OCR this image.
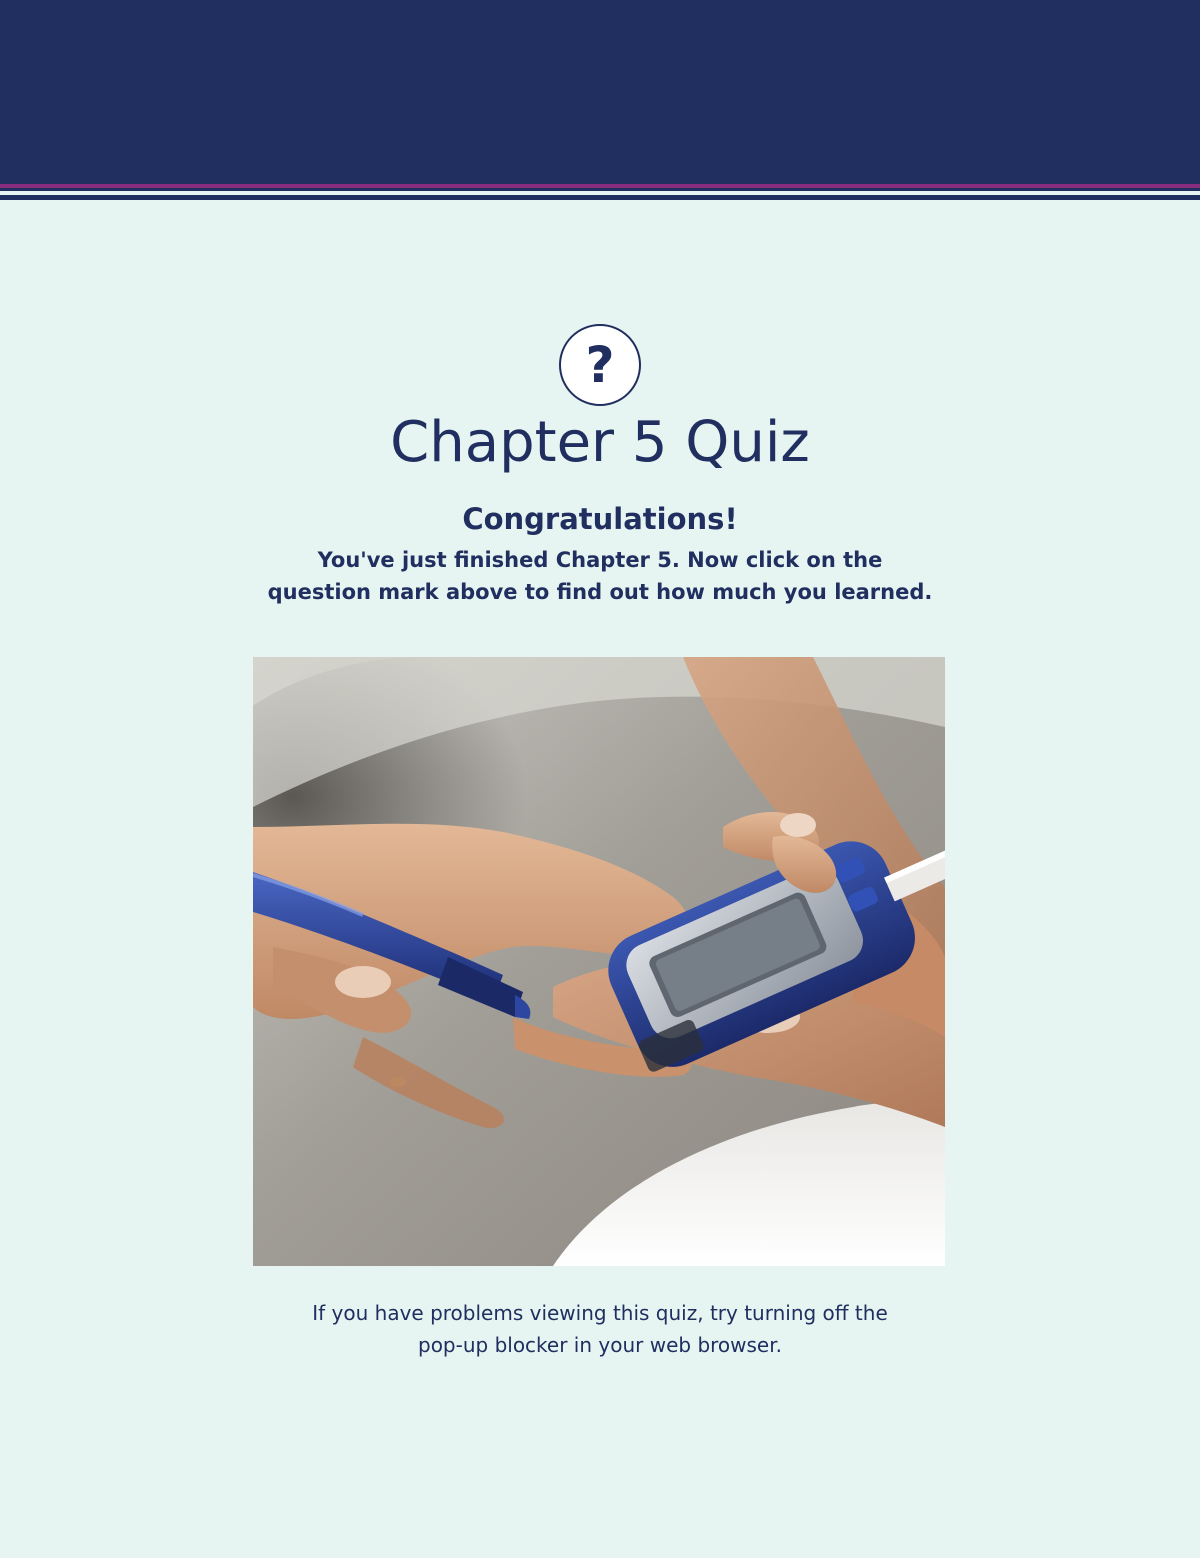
?
Chapter 5 Quiz
Congratulations!

You've just finished Chapter 5. Now click on the
question mark above to find out how much you learned.

If you have problems viewing this quiz, try turning off the
pop-up blocker in your web browser.
